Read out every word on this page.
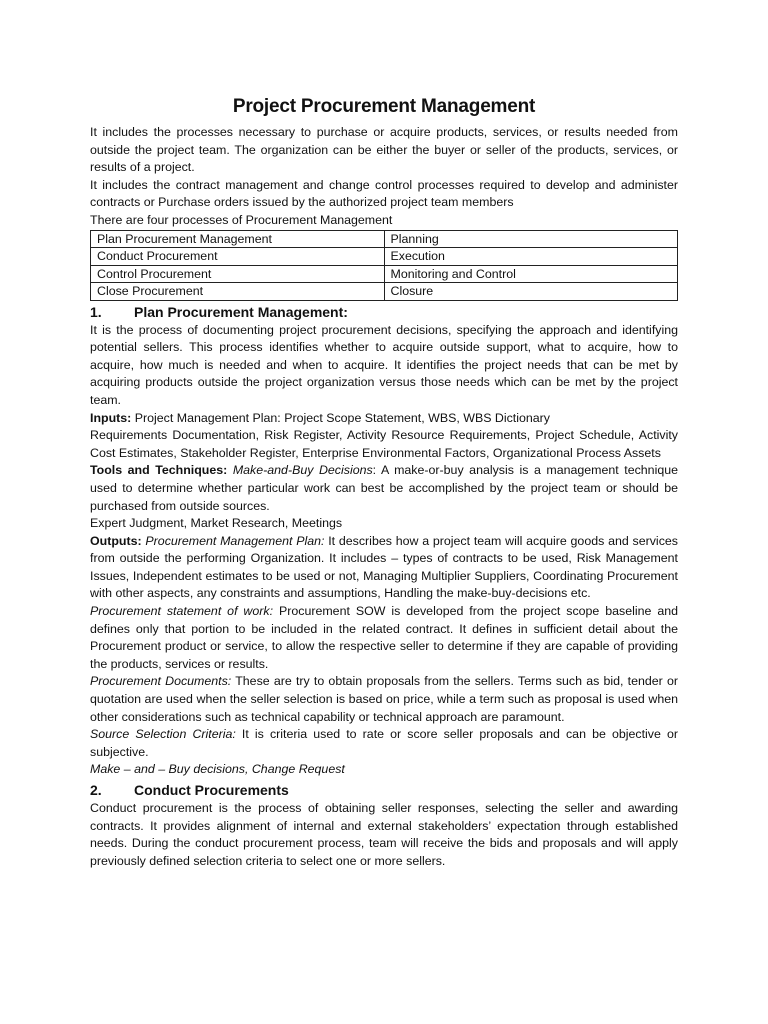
Project Procurement Management

It includes the processes necessary to purchase or acquire products, services, or results needed from outside the project team. The organization can be either the buyer or seller of the products, services, or results of a project.

It includes the contract management and change control processes required to develop and administer contracts or Purchase orders issued by the authorized project team members

There are four processes of Procurement Management

Plan Procurement Management	Planning
Conduct Procurement	Execution
Control Procurement	Monitoring and Control
Close Procurement	Closure
1.	Plan Procurement Management:

It is the process of documenting project procurement decisions, specifying the approach and identifying potential sellers. This process identifies whether to acquire outside support, what to acquire, how to acquire, how much is needed and when to acquire. It identifies the project needs that can be met by acquiring products outside the project organization versus those needs which can be met by the project team.

Inputs: Project Management Plan: Project Scope Statement, WBS, WBS Dictionary

Requirements Documentation, Risk Register, Activity Resource Requirements, Project Schedule, Activity Cost Estimates, Stakeholder Register, Enterprise Environmental Factors, Organizational Process Assets

Tools and Techniques: Make-and-Buy Decisions: A make-or-buy analysis is a management technique used to determine whether particular work can best be accomplished by the project team or should be purchased from outside sources.

Expert Judgment, Market Research, Meetings

Outputs: Procurement Management Plan: It describes how a project team will acquire goods and services from outside the performing Organization. It includes – types of contracts to be used, Risk Management Issues, Independent estimates to be used or not, Managing Multiplier Suppliers, Coordinating Procurement with other aspects, any constraints and assumptions, Handling the make-buy-decisions etc.

Procurement statement of work: Procurement SOW is developed from the project scope baseline and defines only that portion to be included in the related contract. It defines in sufficient detail about the Procurement product or service, to allow the respective seller to determine if they are capable of providing the products, services or results.

Procurement Documents: These are try to obtain proposals from the sellers. Terms such as bid, tender or quotation are used when the seller selection is based on price, while a term such as proposal is used when other considerations such as technical capability or technical approach are paramount.

Source Selection Criteria: It is criteria used to rate or score seller proposals and can be objective or subjective.

Make – and – Buy decisions, Change Request

2.	Conduct Procurements

Conduct procurement is the process of obtaining seller responses, selecting the seller and awarding contracts. It provides alignment of internal and external stakeholders’ expectation through established needs. During the conduct procurement process, team will receive the bids and proposals and will apply previously defined selection criteria to select one or more sellers.
